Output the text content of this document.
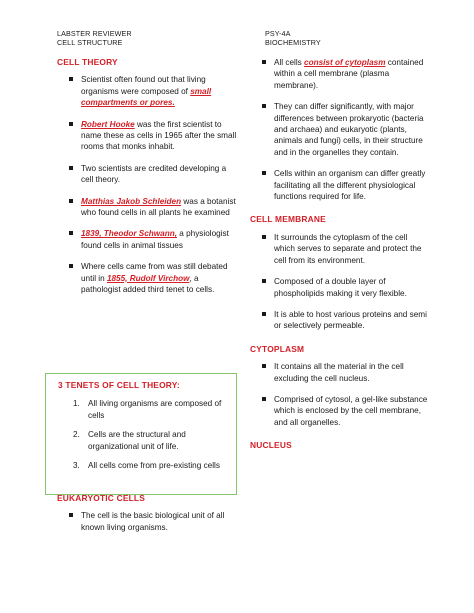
LABSTER REVIEWER
CELL STRUCTURE
PSY-4A
BIOCHEMISTRY
CELL THEORY
Scientist often found out that living organisms were composed of small compartments or pores.
Robert Hooke was the first scientist to name these as cells in 1965 after the small rooms that monks inhabit.
Two scientists are credited developing a cell theory.
Matthias Jakob Schleiden was a botanist who found cells in all plants he examined
1839, Theodor Schwann, a physiologist found cells in animal tissues
Where cells came from was still debated until in 1855, Rudolf Virchow, a pathologist added third tenet to cells.
3 TENETS OF CELL THEORY:
1. All living organisms are composed of cells
2. Cells are the structural and organizational unit of life.
3. All cells come from pre-existing cells
EUKARYOTIC CELLS
The cell is the basic biological unit of all known living organisms.
All cells consist of cytoplasm contained within a cell membrane (plasma membrane).
They can differ significantly, with major differences between prokaryotic (bacteria and archaea) and eukaryotic (plants, animals and fungi) cells, in their structure and in the organelles they contain.
Cells within an organism can differ greatly facilitating all the different physiological functions required for life.
CELL MEMBRANE
It surrounds the cytoplasm of the cell which serves to separate and protect the cell from its environment.
Composed of a double layer of phospholipids making it very flexible.
It is able to host various proteins and semi or selectively permeable.
CYTOPLASM
It contains all the material in the cell excluding the cell nucleus.
Comprised of cytosol, a gel-like substance which is enclosed by the cell membrane, and all organelles.
NUCLEUS
